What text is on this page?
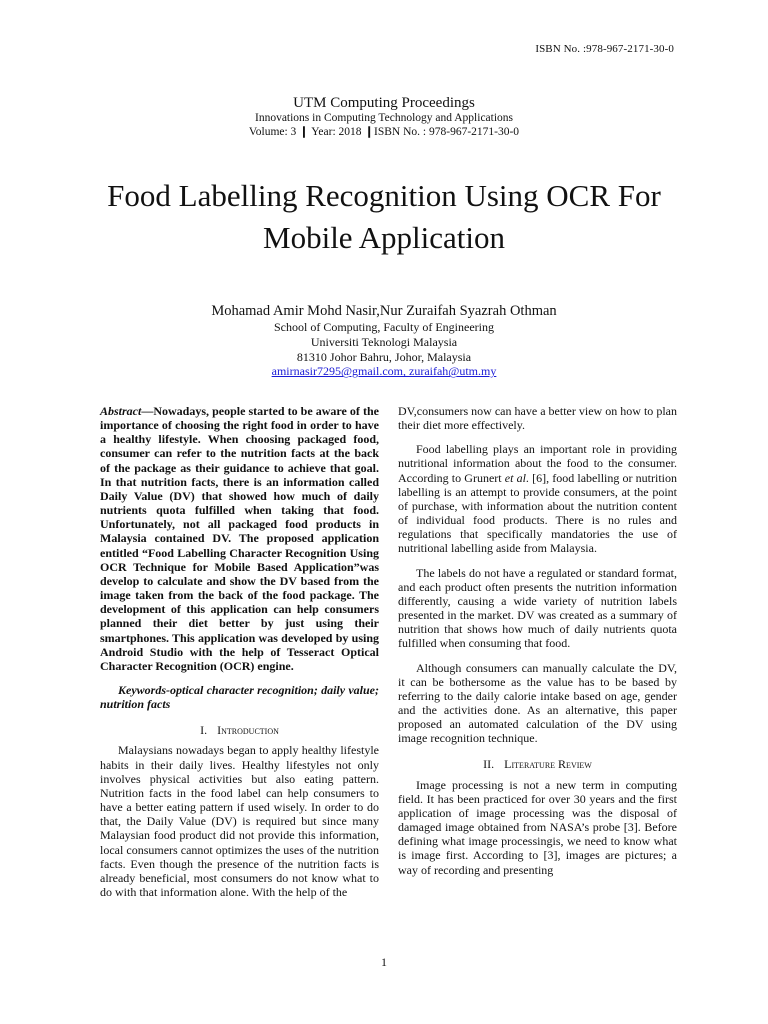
ISBN No. :978-967-2171-30-0
UTM Computing Proceedings
Innovations in Computing Technology and Applications
Volume: 3 ❙ Year: 2018 ❙ISBN No. : 978-967-2171-30-0
Food Labelling Recognition Using OCR For Mobile Application
Mohamad Amir Mohd Nasir,Nur Zuraifah Syazrah Othman
School of Computing, Faculty of Engineering
Universiti Teknologi Malaysia
81310 Johor Bahru, Johor, Malaysia
amirnasir7295@gmail.com, zuraifah@utm.my

Abstract—Nowadays, people started to be aware of the importance of choosing the right food in order to have a healthy lifestyle. When choosing packaged food, consumer can refer to the nutrition facts at the back of the package as their guidance to achieve that goal. In that nutrition facts, there is an information called Daily Value (DV) that showed how much of daily nutrients quota fulfilled when taking that food. Unfortunately, not all packaged food products in Malaysia contained DV. The proposed application entitled “Food Labelling Character Recognition Using OCR Technique for Mobile Based Application”was develop to calculate and show the DV based from the image taken from the back of the food package. The development of this application can help consumers planned their diet better by just using their smartphones. This application was developed by using Android Studio with the help of Tesseract Optical Character Recognition (OCR) engine.

Keywords-optical character recognition; daily value; nutrition facts

I. Introduction

Malaysians nowadays began to apply healthy lifestyle habits in their daily lives. Healthy lifestyles not only involves physical activities but also eating pattern. Nutrition facts in the food label can help consumers to have a better eating pattern if used wisely. In order to do that, the Daily Value (DV) is required but since many Malaysian food product did not provide this information, local consumers cannot optimizes the uses of the nutrition facts. Even though the presence of the nutrition facts is already beneficial, most consumers do not know what to do with that information alone. With the help of the

DV,consumers now can have a better view on how to plan their diet more effectively.

Food labelling plays an important role in providing nutritional information about the food to the consumer. According to Grunert et al. [6], food labelling or nutrition labelling is an attempt to provide consumers, at the point of purchase, with information about the nutrition content of individual food products. There is no rules and regulations that specifically mandatories the use of nutritional labelling aside from Malaysia.

The labels do not have a regulated or standard format, and each product often presents the nutrition information differently, causing a wide variety of nutrition labels presented in the market. DV was created as a summary of nutrition that shows how much of daily nutrients quota fulfilled when consuming that food.

Although consumers can manually calculate the DV, it can be bothersome as the value has to be based by referring to the daily calorie intake based on age, gender and the activities done. As an alternative, this paper proposed an automated calculation of the DV using image recognition technique.

II. Literature Review

Image processing is not a new term in computing field. It has been practiced for over 30 years and the first application of image processing was the disposal of damaged image obtained from NASA’s probe [3]. Before defining what image processingis, we need to know what is image first. According to [3], images are pictures; a way of recording and presenting

1
